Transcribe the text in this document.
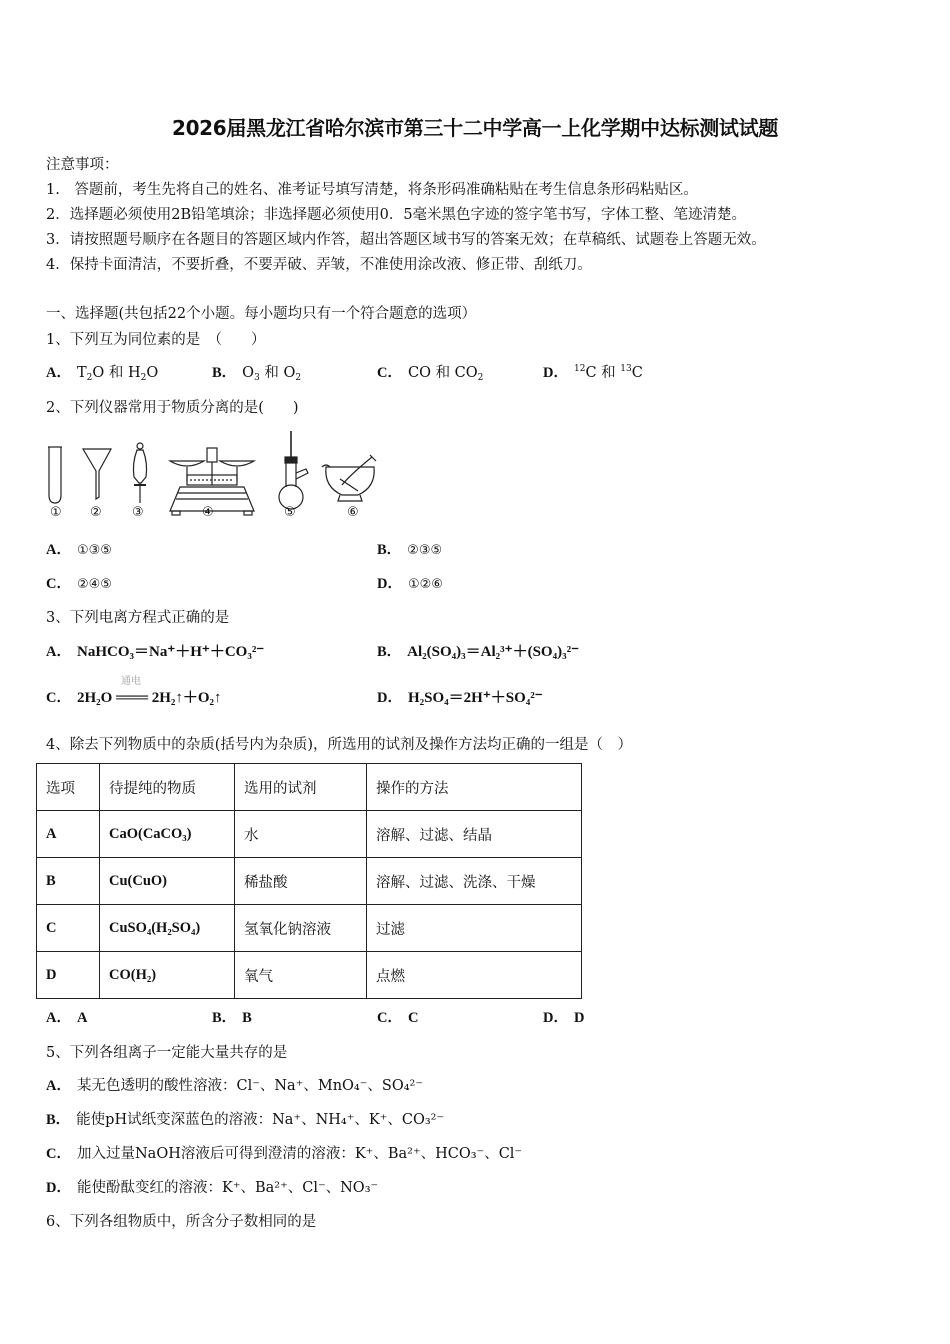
2026届黑龙江省哈尔滨市第三十二中学高一上化学期中达标测试试题
注意事项：
1.　答题前，考生先将自己的姓名、准考证号填写清楚，将条形码准确粘贴在考生信息条形码粘贴区。
2．选择题必须使用2B铅笔填涂；非选择题必须使用0．5毫米黑色字迹的签字笔书写，字体工整、笔迹清楚。
3．请按照题号顺序在各题目的答题区域内作答，超出答题区域书写的答案无效；在草稿纸、试题卷上答题无效。
4．保持卡面清洁，不要折叠，不要弄破、弄皱，不准使用涂改液、修正带、刮纸刀。
一、选择题(共包括22个小题。每小题均只有一个符合题意的选项）
1、下列互为同位素的是　（　　）
A． $T_2O$ 和 $H_2O$	B． $O_3$ 和 $O_2$	C． CO 和 $CO_2$	D． $^{12}$C 和 $^{13}$C
2、下列仪器常用于物质分离的是(　　)
① ② ③	④	⑤	⑥
A． ①③⑤	B． ②③⑤
C． ②④⑤	D． ①②⑥
3、下列电离方程式正确的是
A． NaHCO₃＝Na⁺＋H⁺＋CO₃²⁻	B． Al₂(SO₄)₃＝Al₂³⁺＋(SO₄)₃²⁻
通电
C． 2H₂O ═══ 2H₂↑＋O₂↑	D． H₂SO₄＝2H⁺＋SO₄²⁻
4、除去下列物质中的杂质(括号内为杂质)，所选用的试剂及操作方法均正确的一组是（　）
选项	待提纯的物质	选用的试剂	操作的方法
A	CaO(CaCO₃)	水	溶解、过滤、结晶
B	Cu(CuO)	稀盐酸	溶解、过滤、洗涤、干燥
C	CuSO₄(H₂SO₄)	氢氧化钠溶液	过滤
D	CO(H₂)	氧气	点燃
A． A	B． B	C． C	D． D
5、下列各组离子一定能大量共存的是
A． 某无色透明的酸性溶液：Cl⁻、Na⁺、MnO₄⁻、SO₄²⁻
B． 能使pH试纸变深蓝色的溶液：Na⁺、NH₄⁺、K⁺、CO₃²⁻
C． 加入过量NaOH溶液后可得到澄清的溶液：K⁺、Ba²⁺、HCO₃⁻、Cl⁻
D． 能使酚酞变红的溶液：K⁺、Ba²⁺、Cl⁻、NO₃⁻
6、下列各组物质中，所含分子数相同的是
